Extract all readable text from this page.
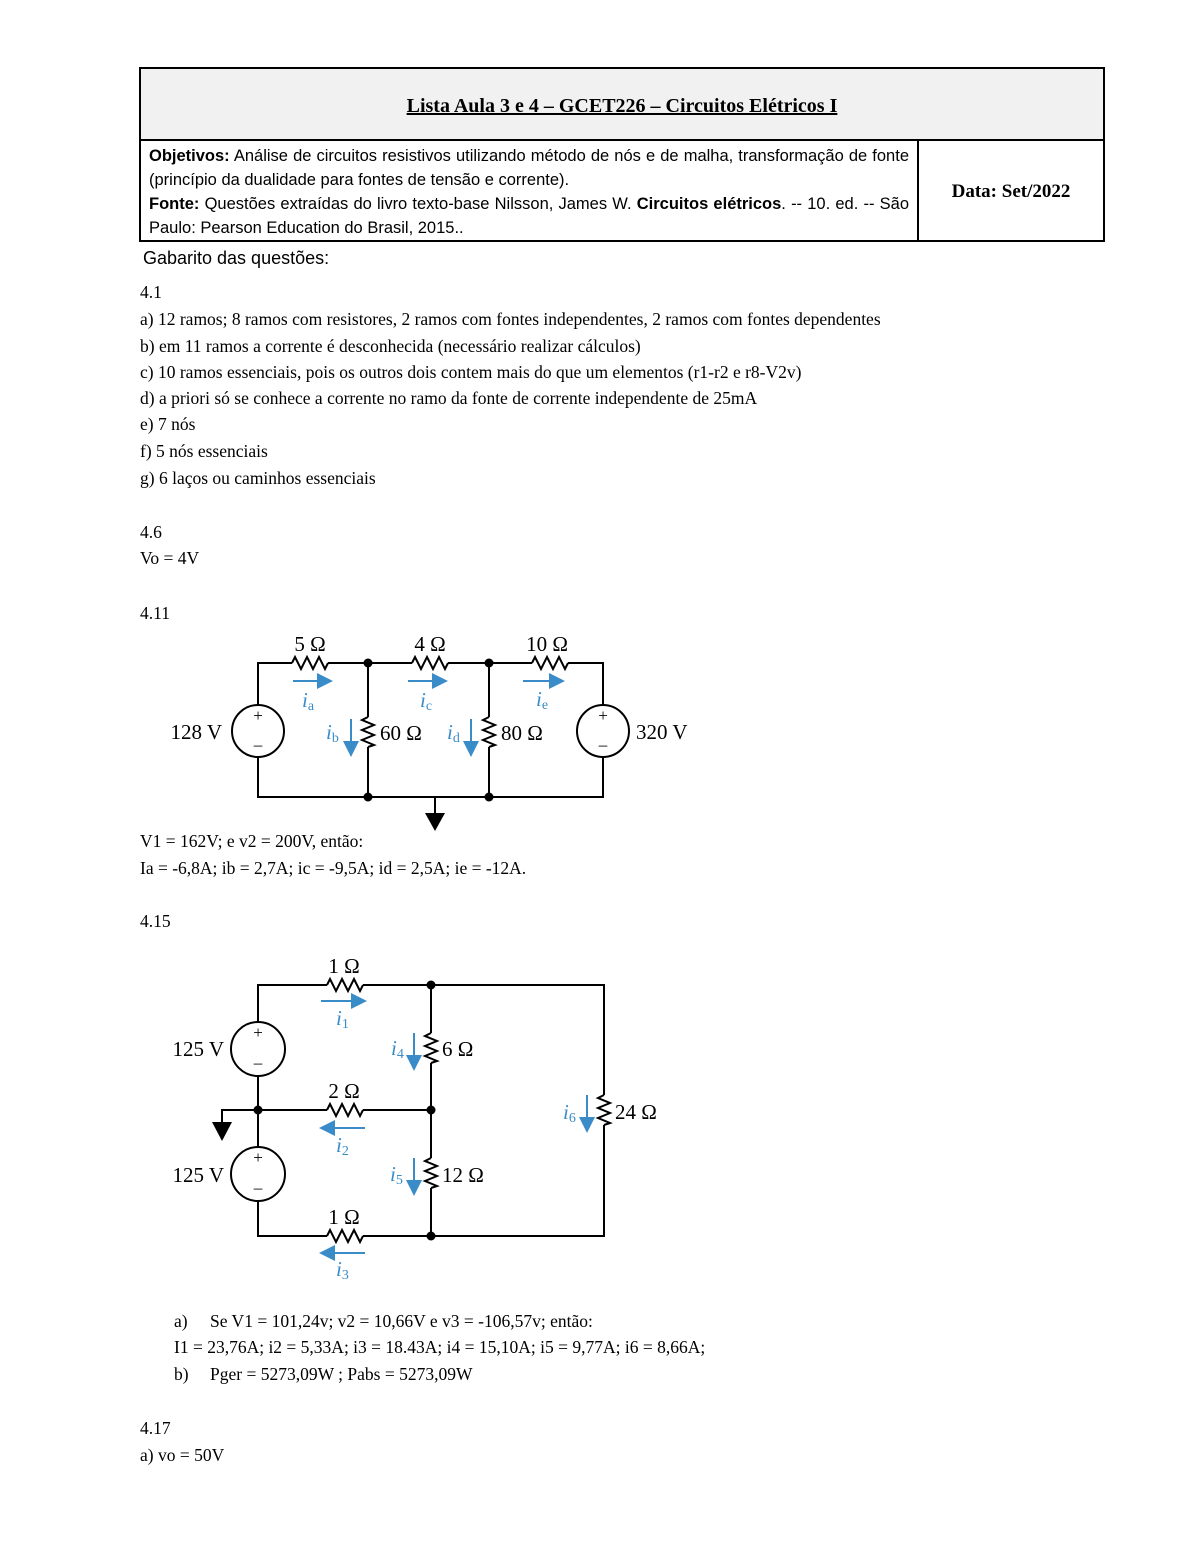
Lista Aula 3 e 4 – GCET226 – Circuitos Elétricos I
Objetivos: Análise de circuitos resistivos utilizando método de nós e de malha, transformação de fonte (princípio da dualidade para fontes de tensão e corrente).
Fonte: Questões extraídas do livro texto-base Nilsson, James W. Circuitos elétricos. -- 10. ed. -- São Paulo: Pearson Education do Brasil, 2015..
Data: Set/2022
Gabarito das questões:
4.1
a) 12 ramos; 8 ramos com resistores, 2 ramos com fontes independentes, 2 ramos com fontes dependentes
b) em 11 ramos a corrente é desconhecida (necessário realizar cálculos)
c) 10 ramos essenciais, pois os outros dois contem mais do que um elementos (r1-r2 e r8-V2v)
d) a priori só se conhece a corrente no ramo da fonte de corrente independente de 25mA
e) 7 nós
f) 5 nós essenciais
g) 6 laços ou caminhos essenciais
4.6
Vo = 4V
4.11
+
–
+
–
5 Ω	4 Ω	10 Ω
60 Ω	80 Ω
128 V	320 V
ia	ic	ie
ib	id
V1 = 162V; e v2 = 200V, então:
Ia = -6,8A; ib = 2,7A; ic = -9,5A; id = 2,5A; ie = -12A.
4.15
+
–
+
–
1 Ω
2 Ω
1 Ω
6 Ω
12 Ω
24 Ω
125 V
125 V
i1
i2
i3
i4
i5
i6
a) Se V1 = 101,24v; v2 = 10,66V e v3 = -106,57v; então:
I1 = 23,76A; i2 = 5,33A; i3 = 18.43A; i4 = 15,10A; i5 = 9,77A; i6 = 8,66A;
b) Pger = 5273,09W ; Pabs = 5273,09W
4.17
a) vo = 50V
